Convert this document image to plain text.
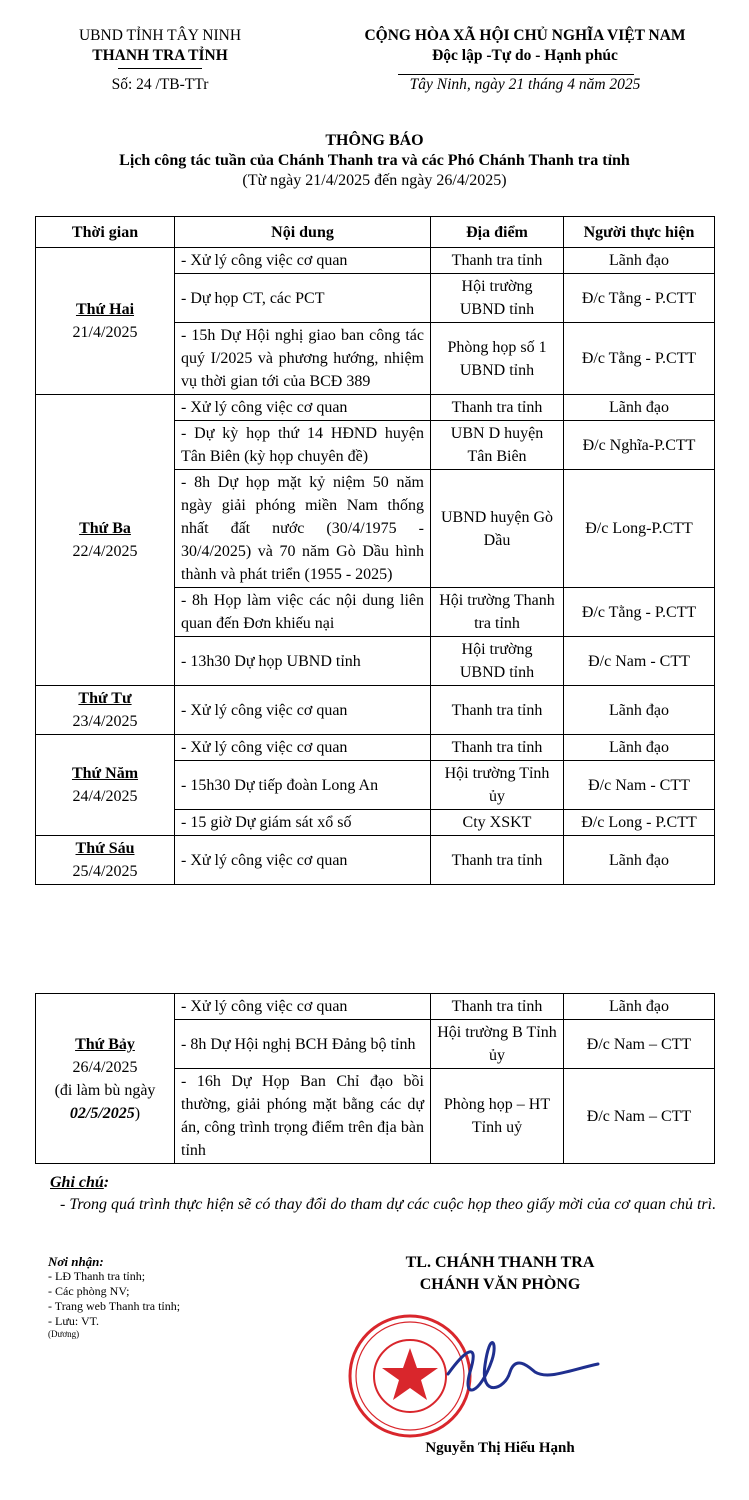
UBND TỈNH TÂY NINH
THANH TRA TỈNH
Số: 24 /TB-TTr
CỘNG HÒA XÃ HỘI CHỦ NGHĨA VIỆT NAM
Độc lập -Tự do - Hạnh phúc
Tây Ninh, ngày 21 tháng 4 năm 2025
THÔNG BÁO
Lịch công tác tuần của Chánh Thanh tra và các Phó Chánh Thanh tra tỉnh
(Từ ngày 21/4/2025 đến ngày 26/4/2025)
Thời gian	Nội dung	Địa điểm	Người thực hiện

Thứ Hai
21/4/2025	- Xử lý công việc cơ quan	Thanh tra tỉnh	Lãnh đạo
	- Dự họp CT, các PCT	Hội trường UBND tỉnh	Đ/c Tằng - P.CTT
	- 15h Dự Hội nghị giao ban công tác quý I/2025 và phương hướng, nhiệm vụ thời gian tới của BCĐ 389	Phòng họp số 1 UBND tỉnh	Đ/c Tằng - P.CTT

Thứ Ba
22/4/2025	- Xử lý công việc cơ quan	Thanh tra tỉnh	Lãnh đạo
	- Dự kỳ họp thứ 14 HĐND huyện Tân Biên (kỳ họp chuyên đề)	UBN D huyện Tân Biên	Đ/c Nghĩa-P.CTT
	- 8h Dự họp mặt kỷ niệm 50 năm ngày giải phóng miền Nam thống nhất đất nước (30/4/1975 - 30/4/2025) và 70 năm Gò Dầu hình thành và phát triển (1955 - 2025)	UBND huyện Gò Dầu	Đ/c Long-P.CTT
	- 8h Họp làm việc các nội dung liên quan đến Đơn khiếu nại	Hội trường Thanh tra tỉnh	Đ/c Tằng - P.CTT
	- 13h30 Dự họp UBND tỉnh	Hội trường UBND tỉnh	Đ/c Nam - CTT

Thứ Tư
23/4/2025	- Xử lý công việc cơ quan	Thanh tra tỉnh	Lãnh đạo

Thứ Năm
24/4/2025	- Xử lý công việc cơ quan	Thanh tra tỉnh	Lãnh đạo
	- 15h30 Dự tiếp đoàn Long An	Hội trường Tỉnh ủy	Đ/c Nam - CTT
	- 15 giờ Dự giám sát xổ số	Cty XSKT	Đ/c Long - P.CTT

Thứ Sáu
25/4/2025	- Xử lý công việc cơ quan	Thanh tra tỉnh	Lãnh đạo
Thứ Bảy
26/4/2025
(đi làm bù ngày 02/5/2025)	- Xử lý công việc cơ quan	Thanh tra tỉnh	Lãnh đạo
	- 8h Dự Hội nghị BCH Đảng bộ tỉnh	Hội trường B Tỉnh ủy	Đ/c Nam – CTT
	- 16h Dự Họp Ban Chỉ đạo bồi thường, giải phóng mặt bằng các dự án, công trình trọng điểm trên địa bàn tỉnh	Phòng họp – HT Tỉnh uỷ	Đ/c Nam – CTT
Ghi chú:
- Trong quá trình thực hiện sẽ có thay đổi do tham dự các cuộc họp theo giấy mời của cơ quan chủ trì.
Nơi nhận:
- LĐ Thanh tra tỉnh;
- Các phòng NV;
- Trang web Thanh tra tỉnh;
- Lưu: VT.
(Dương)
TL. CHÁNH THANH TRA
CHÁNH VĂN PHÒNG
Nguyễn Thị Hiếu Hạnh
